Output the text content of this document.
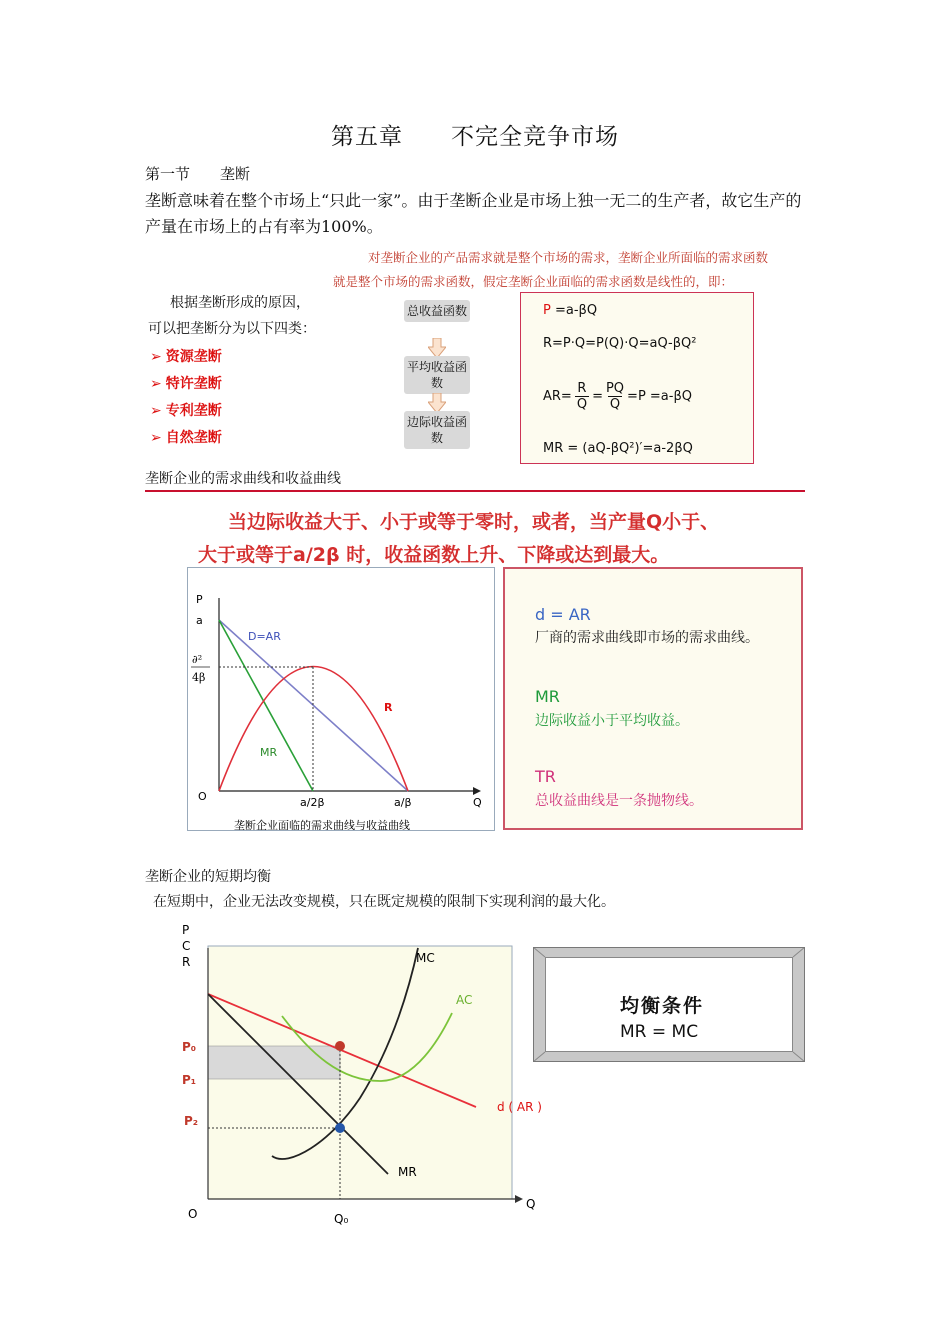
第五章　　不完全竞争市场
第一节　　垄断
垄断意味着在整个市场上“只此一家”。由于垄断企业是市场上独一无二的生产者，故它生产的产量在市场上的占有率为100%。
对垄断企业的产品需求就是整个市场的需求，垄断企业所面临的需求函数
就是整个市场的需求函数，假定垄断企业面临的需求函数是线性的，即：
根据垄断形成的原因，
可以把垄断分为以下四类：
➢ 资源垄断
➢ 特许垄断
➢ 专利垄断
➢ 自然垄断
总收益函数
平均收益函数
边际收益函数
P =a-βQ
R=P·Q=P(Q)·Q=aQ-βQ²
$AR= \frac{R}{Q} = \frac{PQ}{Q} =P =a-\beta Q$
MR = (aQ-βQ²)′=a-2βQ
垄断企业的需求曲线和收益曲线
当边际收益大于、小于或等于零时，或者，当产量Q小于、
大于或等于a/2β 时，收益函数上升、下降或达到最大。
P
a
∂²
4β
O	Q
a/2β	a/β
D=AR
R
MR
垄断企业面临的需求曲线与收益曲线
d = AR
厂商的需求曲线即市场的需求曲线。
MR
边际收益小于平均收益。
TR
总收益曲线是一条抛物线。
垄断企业的短期均衡
在短期中，企业无法改变规模，只在既定规模的限制下实现利润的最大化。
P
C
R
P₀
P₁
P₂
O	Q₀
Q
MC
AC
d ( AR )
MR
均衡条件
MR = MC
